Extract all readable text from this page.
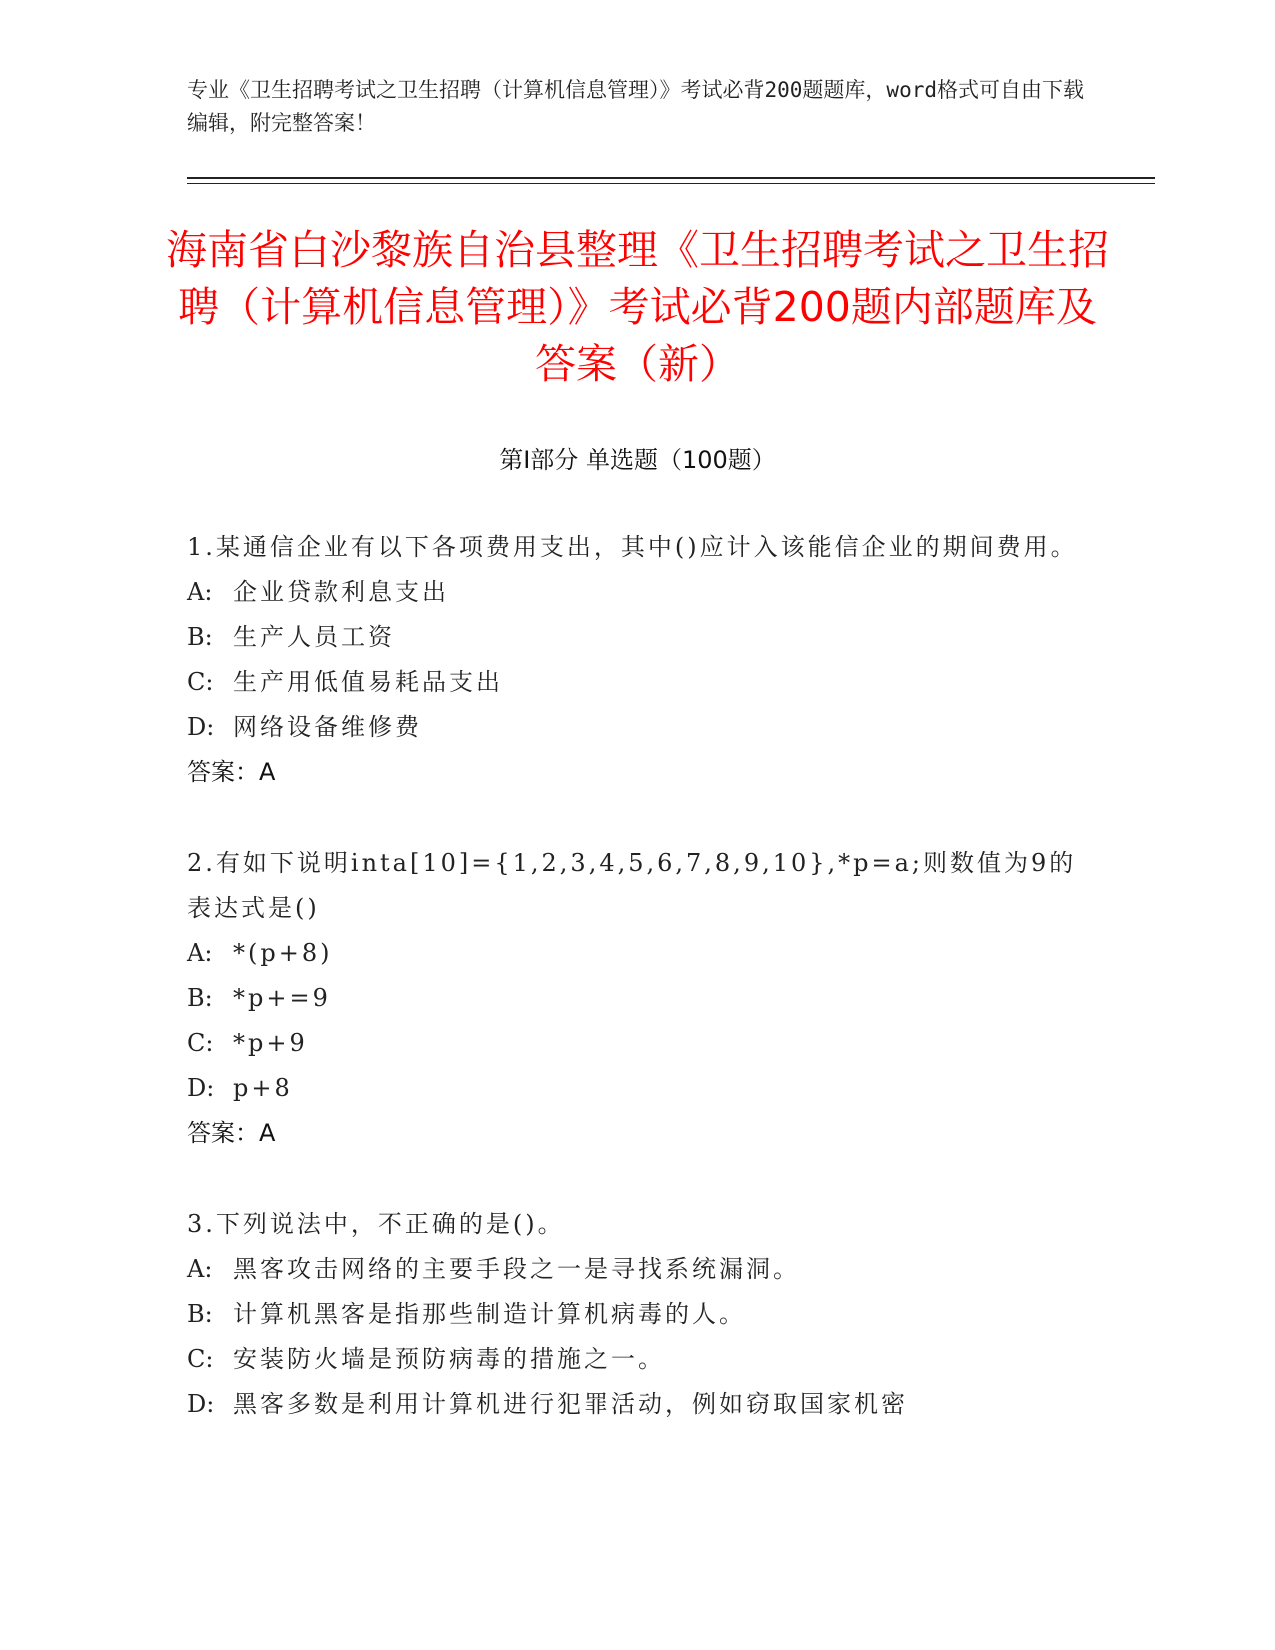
专业《卫生招聘考试之卫生招聘（计算机信息管理）》考试必背200题题库，word格式可自由下载编辑，附完整答案！
海南省白沙黎族自治县整理《卫生招聘考试之卫生招聘（计算机信息管理）》考试必背200题内部题库及答案（新）
第Ⅰ部分 单选题（100题）
1.某通信企业有以下各项费用支出，其中()应计入该能信企业的期间费用。
A: 企业贷款利息支出
B: 生产人员工资
C: 生产用低值易耗品支出
D: 网络设备维修费
答案：A
2.有如下说明inta[10]={1,2,3,4,5,6,7,8,9,10},*p=a;则数值为9的表达式是()
A: *(p+8)
B: *p+=9
C: *p+9
D: p+8
答案：A
3.下列说法中，不正确的是()。
A: 黑客攻击网络的主要手段之一是寻找系统漏洞。
B: 计算机黑客是指那些制造计算机病毒的人。
C: 安装防火墙是预防病毒的措施之一。
D: 黑客多数是利用计算机进行犯罪活动，例如窃取国家机密
